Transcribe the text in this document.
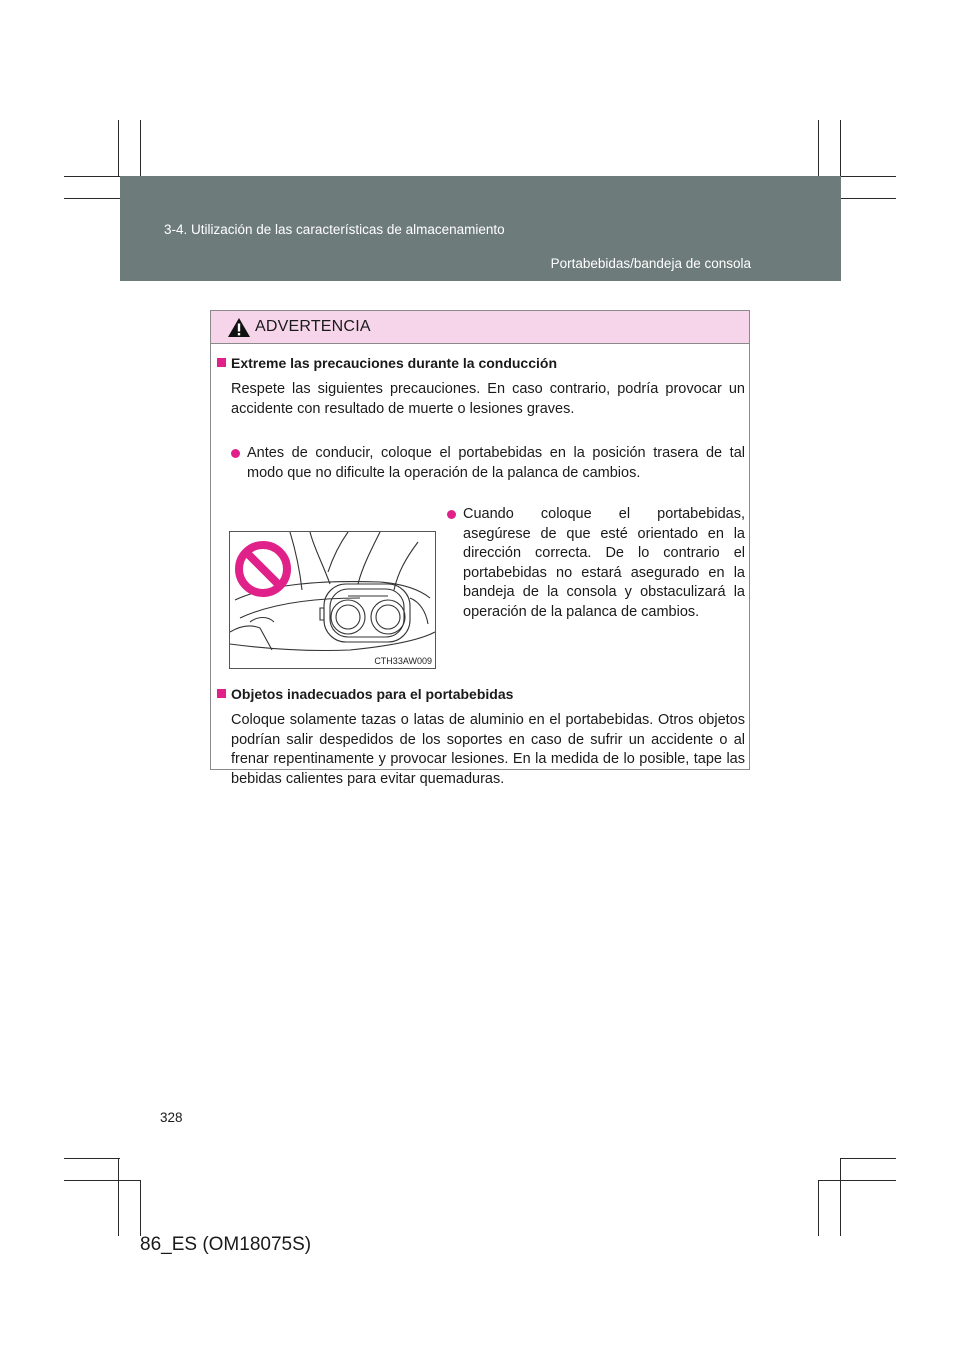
3-4. Utilización de las características de almacenamiento
Portabebidas/bandeja de consola
ADVERTENCIA
Extreme las precauciones durante la conducción
Respete las siguientes precauciones. En caso contrario, podría provocar un accidente con resultado de muerte o lesiones graves.
Antes de conducir, coloque el portabebidas en la posición trasera de tal modo que no dificulte la operación de la palanca de cambios.
CTH33AW009
Cuando coloque el portabebidas, asegúrese de que esté orientado en la dirección correcta. De lo contrario el portabebidas no estará asegurado en la bandeja de la consola y obstaculizará la operación de la palanca de cambios.
Objetos inadecuados para el portabebidas
Coloque solamente tazas o latas de aluminio en el portabebidas. Otros objetos podrían salir despedidos de los soportes en caso de sufrir un accidente o al frenar repentinamente y provocar lesiones. En la medida de lo posible, tape las bebidas calientes para evitar quemaduras.
328
86_ES (OM18075S)
